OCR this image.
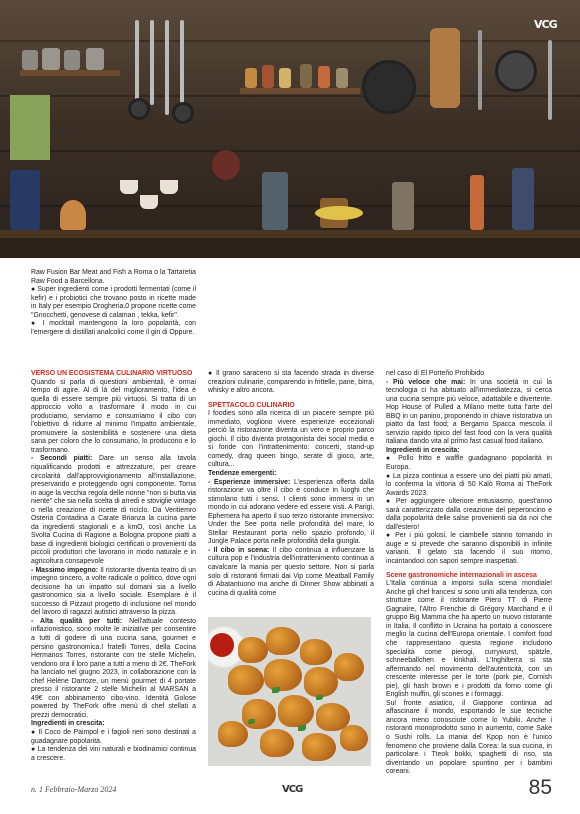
VCG

Raw Fusion Bar Meat and Fish a Roma o la Tartaretia Raw Food a Barcellona.

● Super ingredienti come i prodotti fermentati (come il kefir) e i probiotici che trovano posto in ricette made in Italy per esempio Drogheria.0 propone ricette come "Gnocchetti, genovese di calamari , tekka, kefir".

● I mocktail mantengono la loro popolarità, con l'emergere di distillati analcolici come il gin di Oppure.

VERSO UN ECOSISTEMA CULINARIO VIRTUOSO

Quando si parla di questioni ambientali, è ormai tempo di agire. Al di là del miglioramento, l'idea è quella di essere sempre più virtuosi. Si tratta di un approccio volto a trasformare il modo in cui produciamo, serviamo e consumiamo il cibo con l'obiettivo di ridurre al minimo l'impatto ambientale, promuovere la sostenibilità e sostenere una dieta sana per coloro che lo consumano, lo producono e lo trasformano.

- Secondi piatti: Dare un senso alla tavola riqualificando prodotti e attrezzature, per creare circolarità dall'approvvigionamento all'installazione, preservando e proteggendo ogni componente. Torna in auge la vecchia regola delle nonne "non si butta via niente" che sia nella scelta di arredi e stoviglie vintage o nella creazione di ricette di riciclo. Da Veritiemro Osteria Contadina a Carate Brianza la cucina parte da ingredienti stagionali e a kmO, così anche La Svolta Cucina di Ragione a Bologna propone piatti a base di ingredienti biologici certificati o provenienti da piccoli produttori che lavorano in modo naturale e in agricoltura consapevole

- Massimo impegno: Il ristorante diventa teatro di un impegno sincero, a volte radicale o politico, dove ogni decisione ha un impatto sul domani sia a livello gastronomico sia a livello sociale. Esemplare è il successo di Pizzaut progetto di inclusione nel mondo del lavoro di ragazzi autistici attraverso la pizza.

- Alta qualità per tutti: Nell'attuale contesto inflazionistico, sono molte le iniziative per consentire a tutti di godere di una cucina sana, gourmet e persino gastronomica.I fratelli Torres, della Cocina Hermanos Torres, ristorante con tre stelle Michelin, vendono ora il loro pane a tutti a meno di 2€. TheFork ha lanciato nel giugno 2023, in collaborazione con la chef Hélène Darroze, un menù gourmet di 4 portate presso il ristorante 2 stelle Michelin al MARSAN a 49€ con abbinamento cibo-vino. Identità Golose powered by TheFork offre menù di chef stellati a prezzi democratici.

Ingredienti in crescita:

● Il Coco de Paimpol e i fagioli neri sono destinati a guadagnare popolarità.

● La tendenza dei vini naturali e biodinamici continua a crescere.

● Il grano saraceno si sta facendo strada in diverse creazioni culinarie, comparendo in frittelle, pane, birra, whisky e altro ancora.

SPETTACOLO CULINARIO

I foodies sono alla ricerca di un piacere sempre più immediato, vogliono vivere esperienze eccezionali perciò la ristorazione diventa un vero e proprio parco giochi. Il cibo diventa protagonista dei social media e si fonde con l'intrattenimento: concerti, stand-up comedy, drag queen bingo, serate di gioco, arte, cultura...

Tendenze emergenti:

- Esperienze immersive: L'esperienza offerta dalla ristorazione va oltre il cibo e conduce in luoghi che stimolano tutti i sensi. I clienti sono immersi in un mondo in cui adorano vedere ed essere visti. A Parigi, Ephemera ha aperto il suo terzo ristorante immersivo: Under the See porta nelle profondità del mare, lo Stellar Restaurant porta nello spazio profondo, il Jungle Palace porta nelle profondità della giungla.

- Il cibo in scena: Il cibo continua a influenzare la cultura pop e l'industria dell'intrattenimento continua a cavalcare la mania per questo settore. Non si parla solo di ristoranti firmati dai Vip come Meatball Family di Abatantuono ma anche di Dinner Show abbinati a cucina di qualità come

nel caso di El Porteño Prohibido

- Più veloce che mai: In una società in cui la tecnologia ci ha abituato all'immediatezza, si cerca una cucina sempre più veloce, adattabile e divertente. Hop House of Pulled a Milano mette tutta l'arte del BBQ in un panino, proponendo in chiave ristorativa un piatto da fast food; a Bergamo Spacca mescola il servizio rapido tipico del fast food con la vera qualità italiana dando vita al primo fast casual food italiano.

Ingredienti in crescita:

● Pollo fritto e waffle guadagnano popolarità in Europa.

● La pizza continua a essere uno dei piatti più amati, lo conferma la vittoria di 50 Kalò Roma ai TheFork Awards 2023.

● Per aggiungere ulteriore entusiasmo, quest'anno sarà caratterizzato dalla creazione del peperoncino e dalla popolarità delle salse provenienti sia da noi che dall'estero!

● Per i più golosi, le ciambelle stanno tornando in auge e si prevede che saranno disponibili in infinite varianti. Il gelato sta facendo il suo ritorno, incantandoci con sapori sempre inaspettati.

Scene gastronomiche internazionali in ascesa

L'Italia continua a imporsi sulla scena mondiale! Anche gli chef francesi si sono uniti alla tendenza, con strutture come il ristorante Piero TT di Pierre Gagnaire, l'Altro Frenchie di Grégory Marchand e il gruppo Big Mamma che ha aperto un nuovo ristorante in Italia. Il conflitto in Ucraina ha portato a conoscere meglio la cucina dell'Europa orientale. I comfort food che rappresentano questa regione includono specialità come pierogi, currywurst, spätzle, schneeballchen e kinkhali. L'Inghilterra si sta affermando nel movimento dell'autenticità, con un crescente interesse per le torte (pork pie, Cornish pie), gli hash brown e i prodotti da forno come gli English muffin, gli scones e i formaggi.

Sul fronte asiatico, il Giappone continua ad affascinare il mondo, esportando le sue tecniche ancora meno conosciute come lo Yubiki. Anche i ristoranti monoprodotto sono in aumento, come Sake o Sushi rolls. La mania del Kpop non è l'unico fenomeno che proviene dalla Corea: la sua cucina, in particolare i Tteok bokki, spaghetti di riso, sta diventando un popolare spuntino per i bambini coreani.

n. 1 Febbraio-Marzo 2024	VCG	85
